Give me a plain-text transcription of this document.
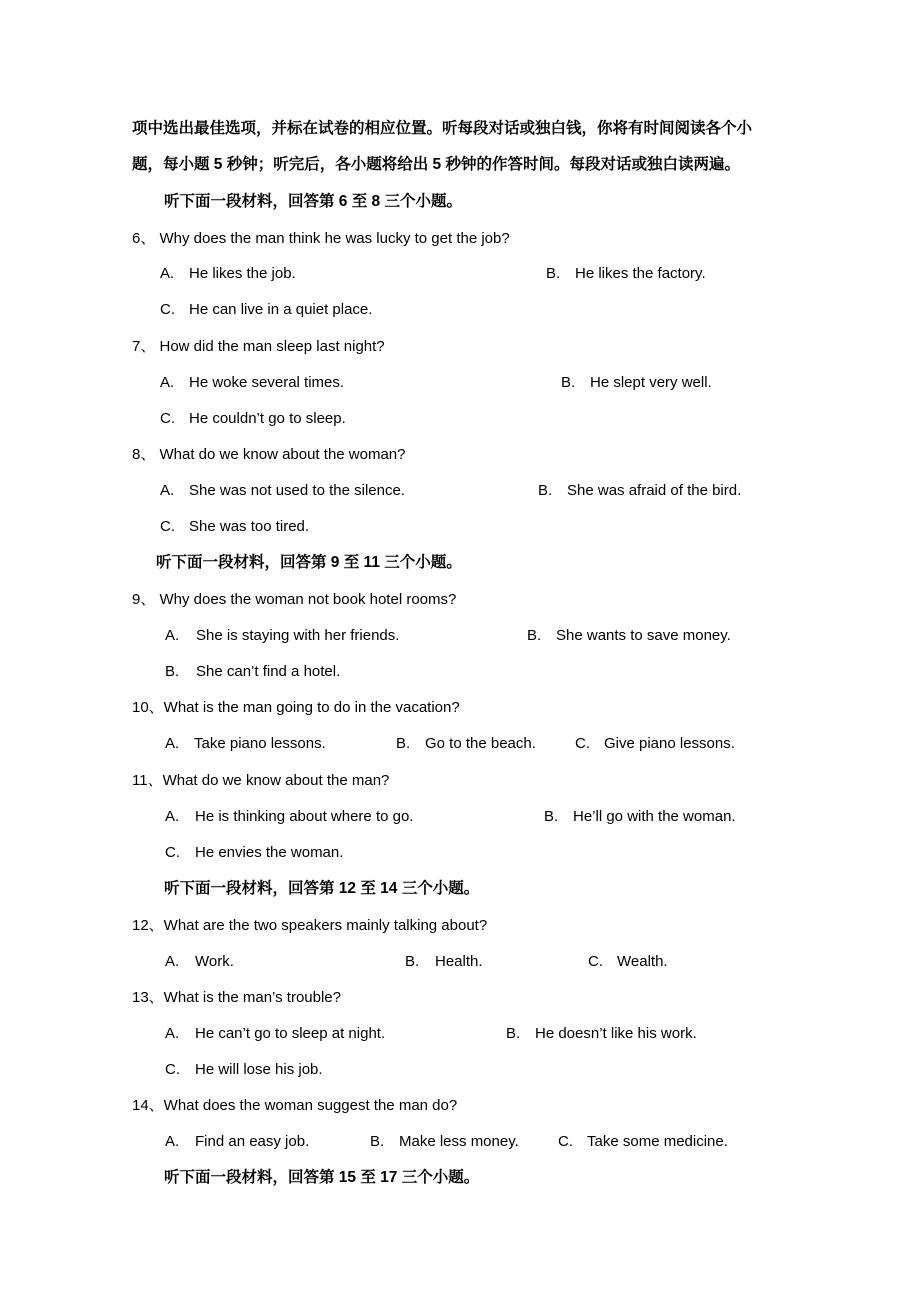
项中选出最佳选项，并标在试卷的相应位置。听每段对话或独白钱，你将有时间阅读各个小
题，每小题 5 秒钟；听完后，各小题将给出 5 秒钟的作答时间。每段对话或独白读两遍。
听下面一段材料，回答第 6 至 8 三个小题。
6、 Why does the man think he was lucky to get the job?
A. He likes the job.	B. He likes the factory.
C. He can live in a quiet place.
7、 How did the man sleep last night?
A. He woke several times.	B. He slept very well.
C. He couldn’t go to sleep.
8、 What do we know about the woman?
A. She was not used to the silence.	B. She was afraid of the bird.
C. She was too tired.
听下面一段材料，回答第 9 至 11 三个小题。
9、 Why does the woman not book hotel rooms?
A. She is staying with her friends.	B. She wants to save money.
B. She can’t find a hotel.
10、What is the man going to do in the vacation?
A. Take piano lessons.	B. Go to the beach.	C. Give piano lessons.
11、What do we know about the man?
A. He is thinking about where to go.	B. He’ll go with the woman.
C. He envies the woman.
听下面一段材料，回答第 12 至 14 三个小题。
12、What are the two speakers mainly talking about?
A. Work.	B. Health.	C. Wealth.
13、What is the man’s trouble?
A. He can’t go to sleep at night.	B. He doesn’t like his work.
C. He will lose his job.
14、What does the woman suggest the man do?
A. Find an easy job.	B. Make less money.	C. Take some medicine.
听下面一段材料，回答第 15 至 17 三个小题。
